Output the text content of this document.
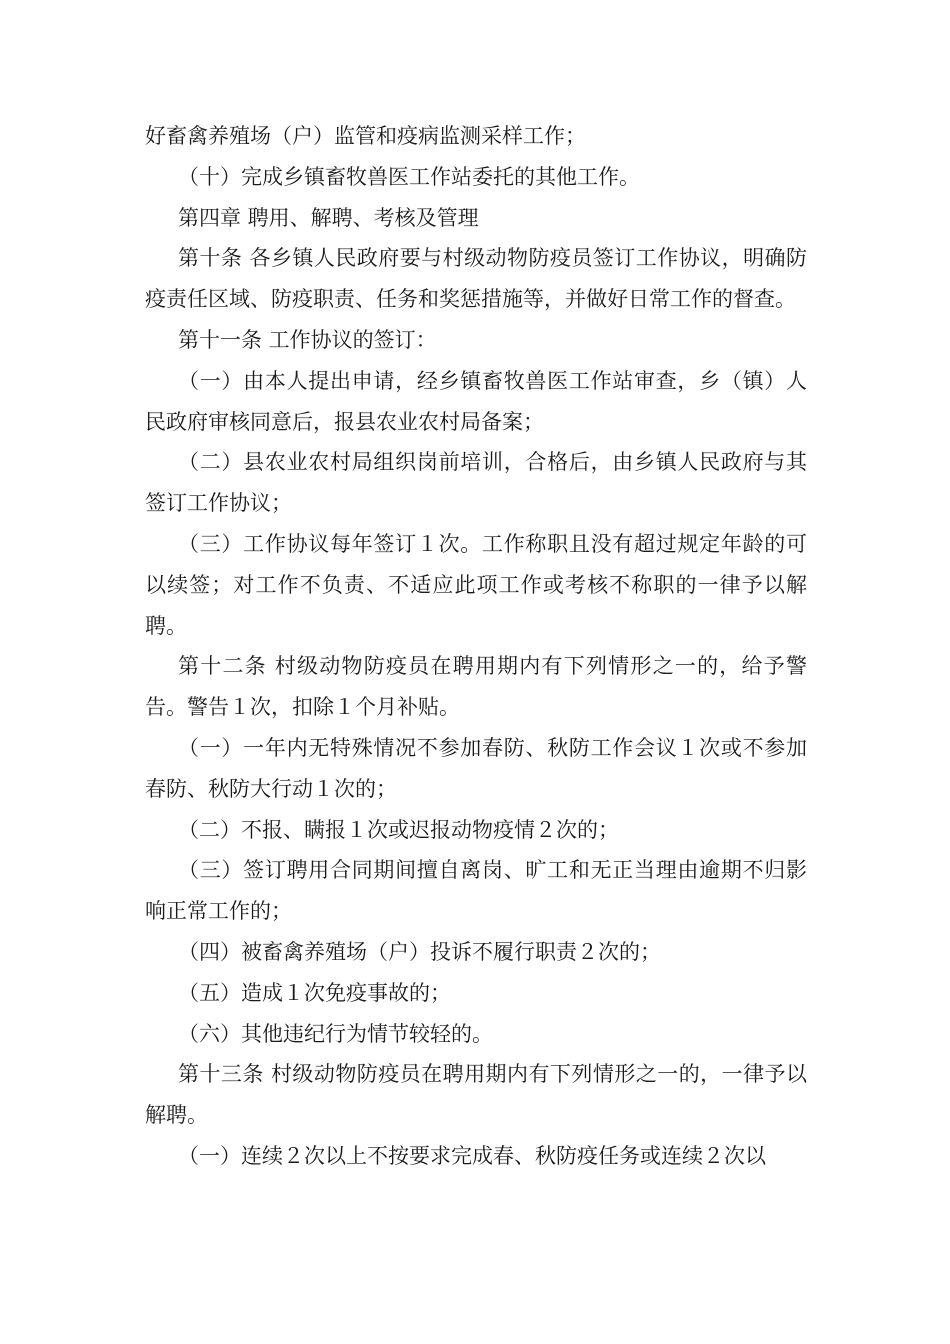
好畜禽养殖场（户）监管和疫病监测采样工作；

（十）完成乡镇畜牧兽医工作站委托的其他工作。

第四章 聘用、解聘、考核及管理

第十条 各乡镇人民政府要与村级动物防疫员签订工作协议，明确防疫责任区域、防疫职责、任务和奖惩措施等，并做好日常工作的督查。

第十一条 工作协议的签订：

（一）由本人提出申请，经乡镇畜牧兽医工作站审查，乡（镇）人民政府审核同意后，报县农业农村局备案；

（二）县农业农村局组织岗前培训，合格后，由乡镇人民政府与其签订工作协议；

（三）工作协议每年签订１次。工作称职且没有超过规定年龄的可以续签；对工作不负责、不适应此项工作或考核不称职的一律予以解聘。

第十二条 村级动物防疫员在聘用期内有下列情形之一的，给予警告。警告１次，扣除１个月补贴。

（一）一年内无特殊情况不参加春防、秋防工作会议１次或不参加春防、秋防大行动１次的；

（二）不报、瞒报１次或迟报动物疫情２次的；

（三）签订聘用合同期间擅自离岗、旷工和无正当理由逾期不归影响正常工作的；

（四）被畜禽养殖场（户）投诉不履行职责２次的；

（五）造成１次免疫事故的；

（六）其他违纪行为情节较轻的。

第十三条 村级动物防疫员在聘用期内有下列情形之一的，一律予以解聘。

（一）连续２次以上不按要求完成春、秋防疫任务或连续２次以
